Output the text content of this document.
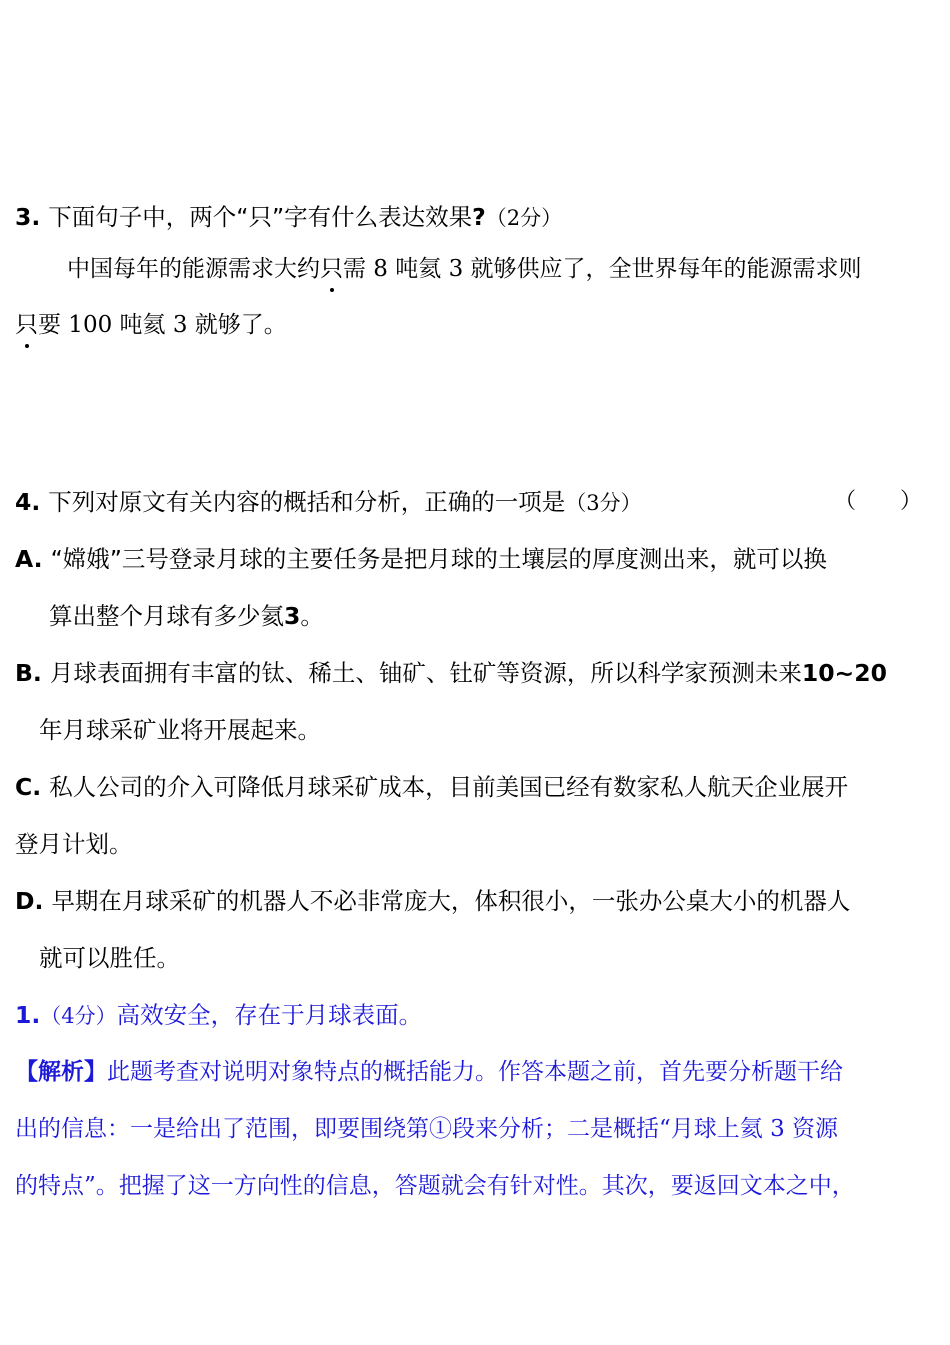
3. 下面句子中，两个“只”字有什么表达效果?（2分）
中国每年的能源需求大约只需 8 吨氦 3 就够供应了，全世界每年的能源需求则
只要 100 吨氦 3 就够了。
4. 下列对原文有关内容的概括和分析，正确的一项是（3分）	（　　）
A. “嫦娥”三号登录月球的主要任务是把月球的土壤层的厚度测出来，就可以换
算出整个月球有多少氦3。
B. 月球表面拥有丰富的钛、稀土、铀矿、钍矿等资源，所以科学家预测未来10~20
年月球采矿业将开展起来。
C. 私人公司的介入可降低月球采矿成本，目前美国已经有数家私人航天企业展开
登月计划。
D. 早期在月球采矿的机器人不必非常庞大，体积很小，一张办公桌大小的机器人
就可以胜任。
1.（4分）高效安全，存在于月球表面。
【解析】此题考查对说明对象特点的概括能力。作答本题之前，首先要分析题干给
出的信息：一是给出了范围，即要围绕第①段来分析；二是概括“月球上氦 3 资源
的特点”。把握了这一方向性的信息，答题就会有针对性。其次，要返回文本之中，
